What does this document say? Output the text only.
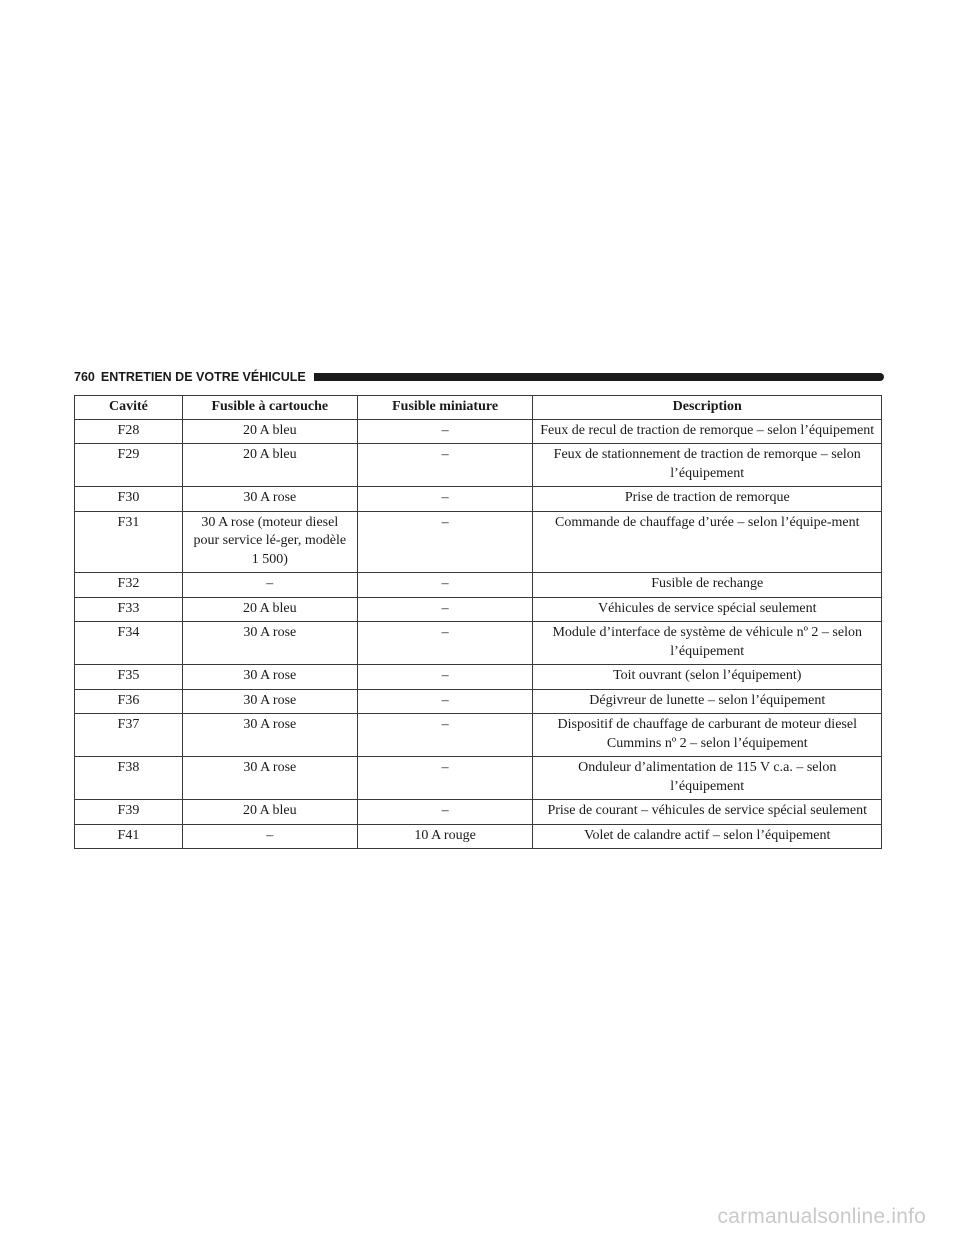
760 ENTRETIEN DE VOTRE VÉHICULE
Cavité	Fusible à cartouche	Fusible miniature	Description
F28	20 A bleu	–	Feux de recul de traction de remorque – selon l’équipement
F29	20 A bleu	–	Feux de stationnement de traction de remorque – selon l’équipement
F30	30 A rose	–	Prise de traction de remorque
F31	30 A rose (moteur diesel pour service lé-ger, modèle 1 500)	–	Commande de chauffage d’urée – selon l’équipe-ment
F32	–	–	Fusible de rechange
F33	20 A bleu	–	Véhicules de service spécial seulement
F34	30 A rose	–	Module d’interface de système de véhicule nº 2 – selon l’équipement
F35	30 A rose	–	Toit ouvrant (selon l’équipement)
F36	30 A rose	–	Dégivreur de lunette – selon l’équipement
F37	30 A rose	–	Dispositif de chauffage de carburant de moteur diesel Cummins nº 2 – selon l’équipement
F38	30 A rose	–	Onduleur d’alimentation de 115 V c.a. – selon l’équipement
F39	20 A bleu	–	Prise de courant – véhicules de service spécial seulement
F41	–	10 A rouge	Volet de calandre actif – selon l’équipement
carmanualsonline.info
